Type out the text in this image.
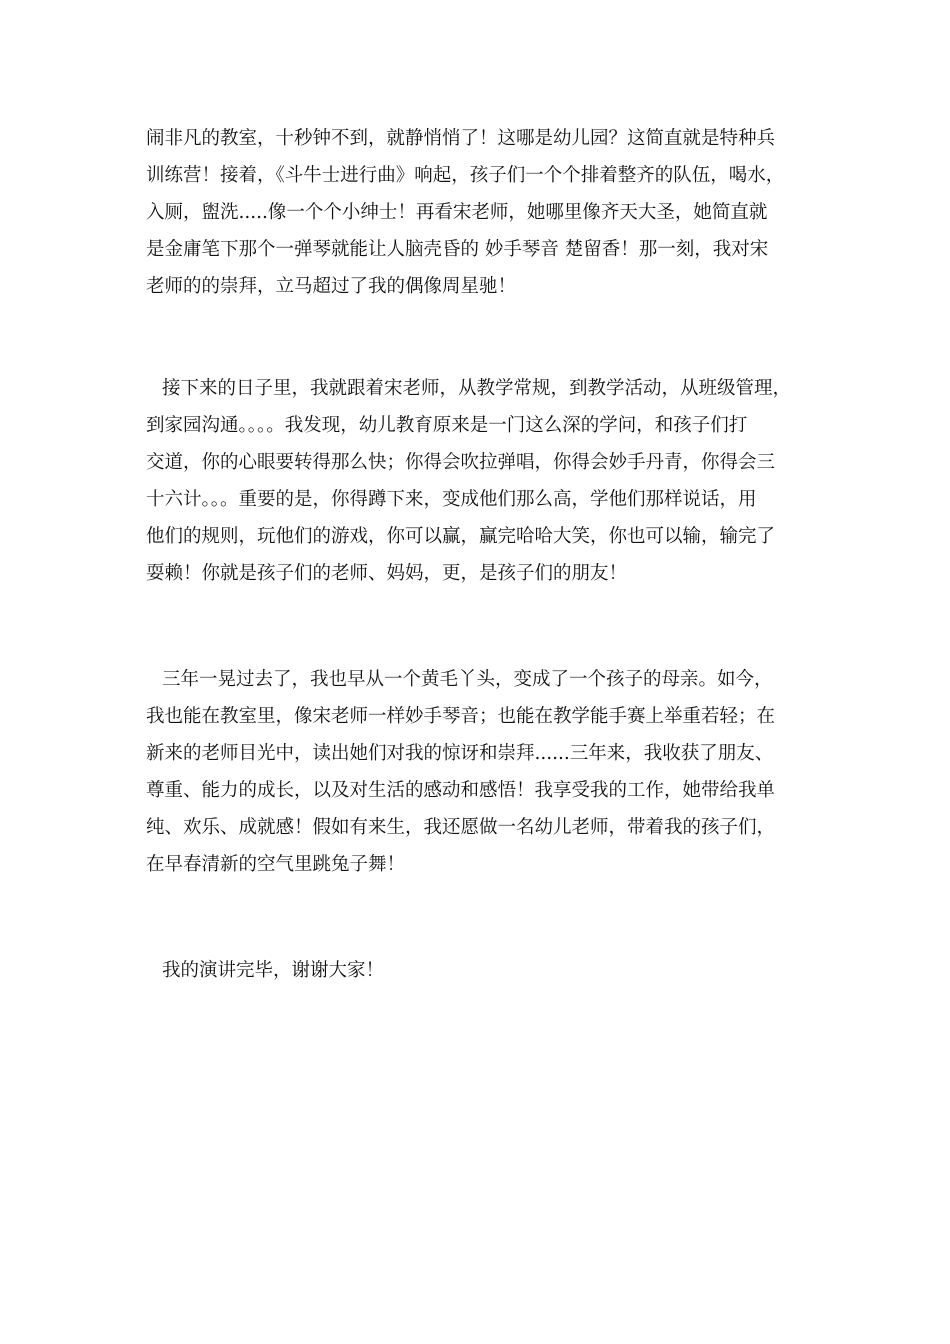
闹非凡的教室，十秒钟不到，就静悄悄了！这哪是幼儿园？这简直就是特种兵

训练营！接着，《斗牛士进行曲》响起，孩子们一个个排着整齐的队伍，喝水，

入厕，盥洗.....像一个个小绅士！再看宋老师，她哪里像齐天大圣，她简直就

是金庸笔下那个一弹琴就能让人脑壳昏的 妙手琴音 楚留香！那一刻，我对宋

老师的的崇拜，立马超过了我的偶像周星驰！

接下来的日子里，我就跟着宋老师，从教学常规，到教学活动，从班级管理，

到家园沟通。。。。我发现，幼儿教育原来是一门这么深的学问，和孩子们打

交道，你的心眼要转得那么快；你得会吹拉弹唱，你得会妙手丹青，你得会三

十六计。。。重要的是，你得蹲下来，变成他们那么高，学他们那样说话，用

他们的规则，玩他们的游戏，你可以赢，赢完哈哈大笑，你也可以输，输完了

耍赖！你就是孩子们的老师、妈妈，更，是孩子们的朋友！

三年一晃过去了，我也早从一个黄毛丫头，变成了一个孩子的母亲。如今，

我也能在教室里，像宋老师一样妙手琴音；也能在教学能手赛上举重若轻；在

新来的老师目光中，读出她们对我的惊讶和崇拜......三年来，我收获了朋友、

尊重、能力的成长，以及对生活的感动和感悟！我享受我的工作，她带给我单

纯、欢乐、成就感！假如有来生，我还愿做一名幼儿老师，带着我的孩子们，

在早春清新的空气里跳兔子舞！

我的演讲完毕，谢谢大家！
